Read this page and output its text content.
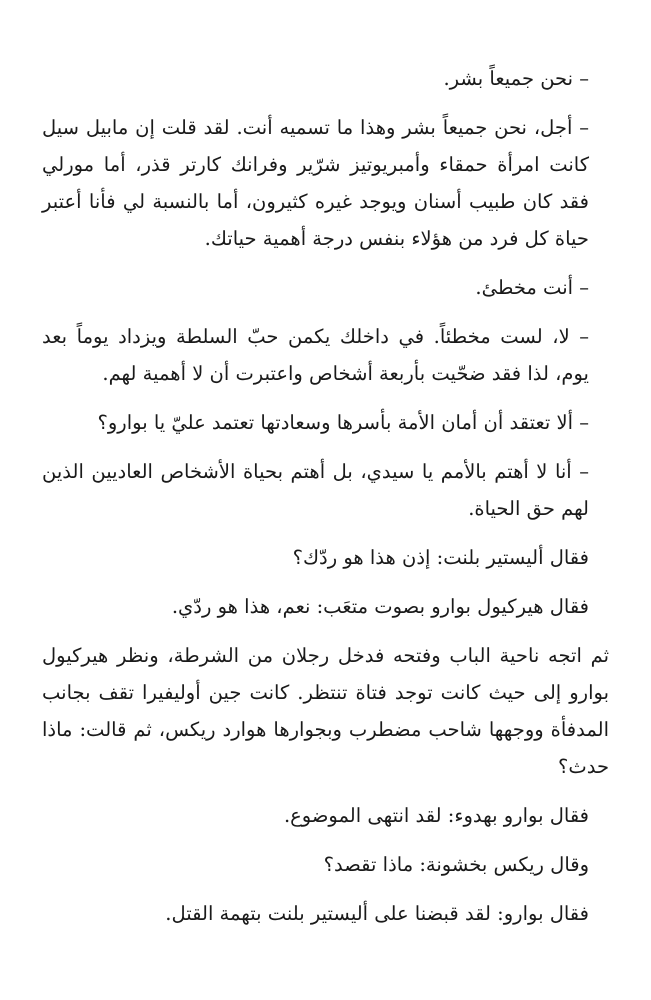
– نحن جميعاً بشر.

– أجل، نحن جميعاً بشر وهذا ما تسميه أنت. لقد قلت إن مابيل سيل كانت امرأة حمقاء وأمبريوتيز شرّير وفرانك كارتر قذر، أما مورلي فقد كان طبيب أسنان ويوجد غيره كثيرون، أما بالنسبة لي فأنا أعتبر حياة كل فرد من هؤلاء بنفس درجة أهمية حياتك.

– أنت مخطئ.

– لا، لست مخطئاً. في داخلك يكمن حبّ السلطة ويزداد يوماً بعد يوم، لذا فقد ضحّيت بأربعة أشخاص واعتبرت أن لا أهمية لهم.

– ألا تعتقد أن أمان الأمة بأسرها وسعادتها تعتمد عليّ يا بوارو؟

– أنا لا أهتم بالأمم يا سيدي، بل أهتم بحياة الأشخاص العاديين الذين لهم حق الحياة.

فقال أليستير بلنت: إذن هذا هو ردّك؟

فقال هيركيول بوارو بصوت متعَب: نعم، هذا هو ردّي.

ثم اتجه ناحية الباب وفتحه فدخل رجلان من الشرطة، ونظر هيركيول بوارو إلى حيث كانت توجد فتاة تنتظر. كانت جين أوليفيرا تقف بجانب المدفأة ووجهها شاحب مضطرب وبجوارها هوارد ريكس، ثم قالت: ماذا حدث؟

فقال بوارو بهدوء: لقد انتهى الموضوع.

وقال ريكس بخشونة: ماذا تقصد؟

فقال بوارو: لقد قبضنا على أليستير بلنت بتهمة القتل.
